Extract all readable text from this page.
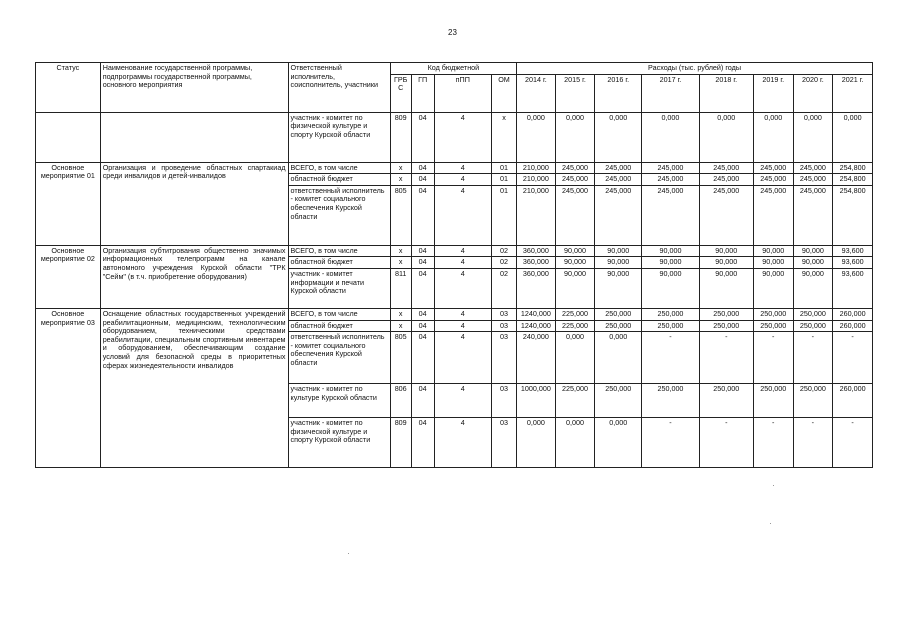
23
Статус	Наименование государственной программы, подпрограммы государственной программы, основного мероприятия	Ответственный исполнитель, соисполнитель, участники	Код бюджетной				Расходы (тыс. рублей) годы							
			ГРБ С	ГП	пПП	ОМ	2014 г.	2015 г.	2016 г.	2017 г.	2018 г.	2019 г.	2020 г.	2021 г.
		участник - комитет по физической культуре и спорту Курской области	809	04	4	х	0,000	0,000	0,000	0,000	0,000	0,000	0,000	0,000
Основное мероприятие 01	Организация и проведение областных спартакиад среди инвалидов и детей-инвалидов	ВСЕГО, в том числе	х	04	4	01	210,000	245,000	245,000	245,000	245,000	245,000	245,000	254,800
		областной бюджет	х	04	4	01	210,000	245,000	245,000	245,000	245,000	245,000	245,000	254,800
		ответственный исполнитель - комитет социального обеспечения Курской области	805	04	4	01	210,000	245,000	245,000	245,000	245,000	245,000	245,000	254,800
Основное мероприятие 02	Организация субтитрования общественно значимых информационных телепрограмм на канале автономного учреждения Курской области "ТРК "Сейм" (в т.ч. приобретение оборудования)	ВСЕГО, в том числе	х	04	4	02	360,000	90,000	90,000	90,000	90,000	90,000	90,000	93,600
		областной бюджет	х	04	4	02	360,000	90,000	90,000	90,000	90,000	90,000	90,000	93,600
		участник - комитет информации и печати Курской области	811	04	4	02	360,000	90,000	90,000	90,000	90,000	90,000	90,000	93,600
Основное мероприятие 03	Оснащение областных государственных учреждений реабилитационным, медицинским, технологическим оборудованием, техническими средствами реабилитации, специальным спортивным инвентарем и оборудованием, обеспечивающим создание условий для безопасной среды в приоритетных сферах жизнедеятельности инвалидов	ВСЕГО, в том числе	х	04	4	03	1240,000	225,000	250,000	250,000	250,000	250,000	250,000	260,000
		областной бюджет	х	04	4	03	1240,000	225,000	250,000	250,000	250,000	250,000	250,000	260,000
		ответственный исполнитель - комитет социального обеспечения Курской области	805	04	4	03	240,000	0,000	0,000	-	-	-	-	-
		участник - комитет по культуре Курской области	806	04	4	03	1000,000	225,000	250,000	250,000	250,000	250,000	250,000	260,000
		участник - комитет по физической культуре и спорту Курской области	809	04	4	03	0,000	0,000	0,000	-	-	-	-	-
